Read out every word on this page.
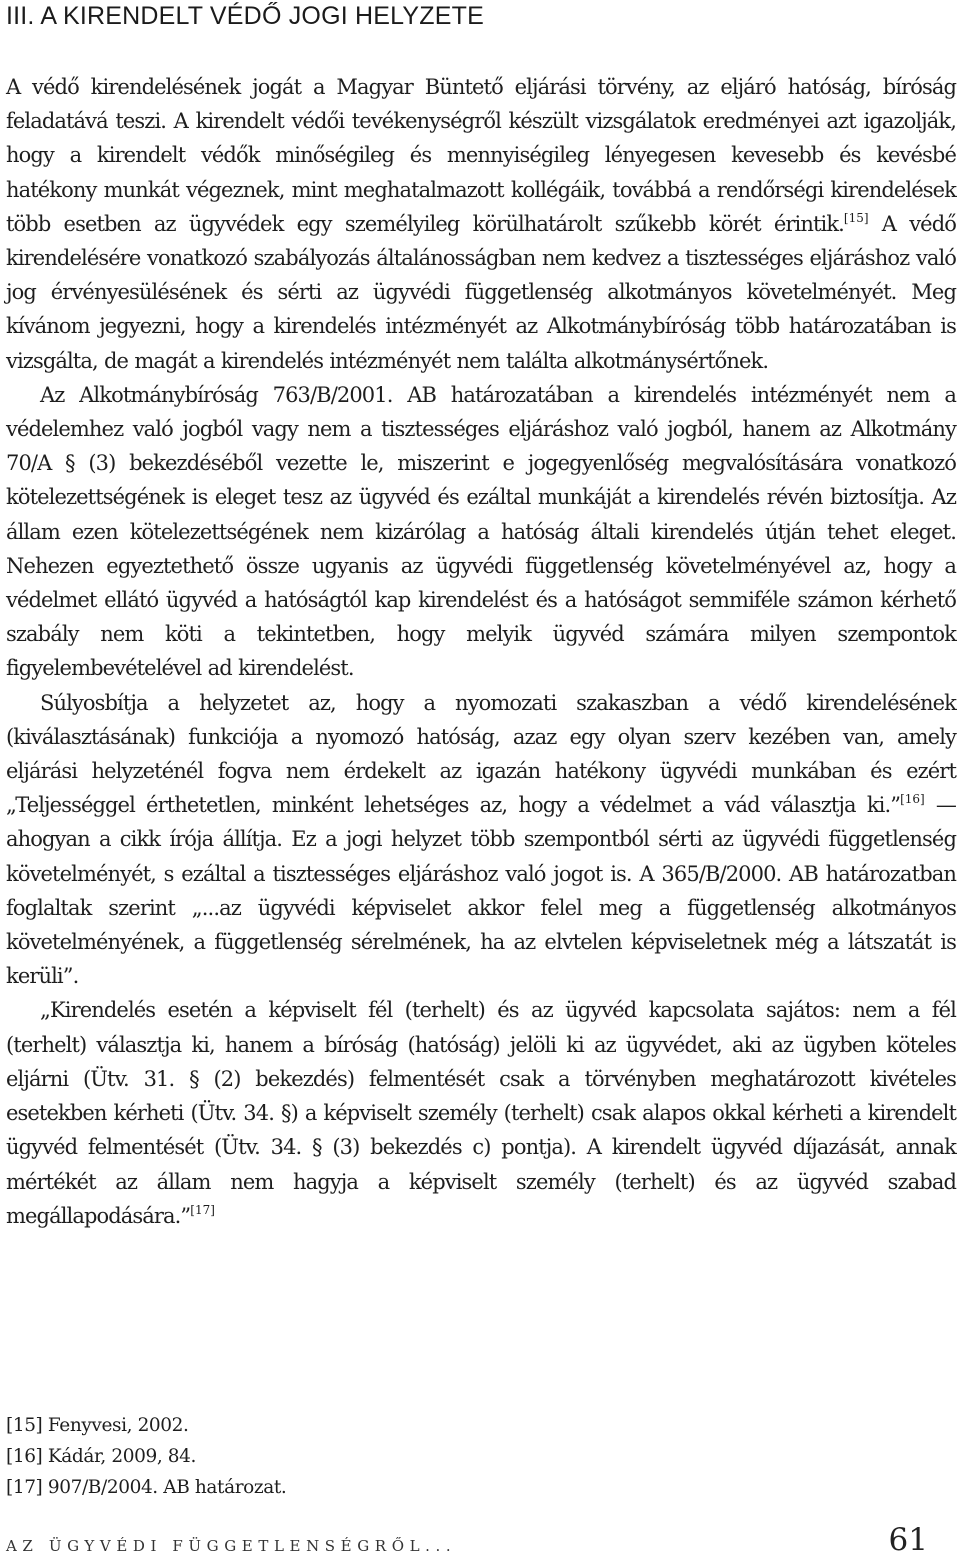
III. A KIRENDELT VÉDŐ JOGI HELYZETE

A védő kirendelésének jogát a Magyar Büntető eljárási törvény, az eljáró hatóság, bíróság feladatává teszi. A kirendelt védői tevékenységről készült vizsgálatok eredményei azt igazolják, hogy a kirendelt védők minőségileg és mennyiségileg lényegesen kevesebb és kevésbé hatékony munkát végeznek, mint meghatalmazott kollégáik, továbbá a rendőrségi kirendelések több esetben az ügyvédek egy személyileg körülhatárolt szűkebb körét érintik.[15] A védő kirendelésére vonatkozó szabályozás általánosságban nem kedvez a tisztességes eljáráshoz való jog érvényesülésének és sérti az ügyvédi függetlenség alkotmányos követelményét. Meg kívánom jegyezni, hogy a kirendelés intézményét az Alkotmánybíróság több határozatában is vizsgálta, de magát a kirendelés intézményét nem találta alkotmánysértőnek.

Az Alkotmánybíróság 763/B/2001. AB határozatában a kirendelés intézményét nem a védelemhez való jogból vagy nem a tisztességes eljáráshoz való jogból, hanem az Alkotmány 70/A § (3) bekezdéséből vezette le, miszerint e jogegyenlőség megvalósítására vonatkozó kötelezettségének is eleget tesz az ügyvéd és ezáltal munkáját a kirendelés révén biztosítja. Az állam ezen kötelezettségének nem kizárólag a hatóság általi kirendelés útján tehet eleget. Nehezen egyeztethető össze ugyanis az ügyvédi függetlenség követelményével az, hogy a védelmet ellátó ügyvéd a hatóságtól kap kirendelést és a hatóságot semmiféle számon kérhető szabály nem köti a tekintetben, hogy melyik ügyvéd számára milyen szempontok figyelembevételével ad kirendelést.

Súlyosbítja a helyzetet az, hogy a nyomozati szakaszban a védő kirendelésének (kiválasztásának) funkciója a nyomozó hatóság, azaz egy olyan szerv kezében van, amely eljárási helyzeténél fogva nem érdekelt az igazán hatékony ügyvédi munkában és ezért „Teljességgel érthetetlen, minként lehetséges az, hogy a védelmet a vád választja ki.”[16] — ahogyan a cikk írója állítja. Ez a jogi helyzet több szempontból sérti az ügyvédi függetlenség követelményét, s ezáltal a tisztességes eljáráshoz való jogot is. A 365/B/2000. AB határozatban foglaltak szerint „...az ügyvédi képviselet akkor felel meg a függetlenség alkotmányos követelményének, a függetlenség sérelmének, ha az elvtelen képviseletnek még a látszatát is kerüli”.

„Kirendelés esetén a képviselt fél (terhelt) és az ügyvéd kapcsolata sajátos: nem a fél (terhelt) választja ki, hanem a bíróság (hatóság) jelöli ki az ügyvédet, aki az ügyben köteles eljárni (Ütv. 31. § (2) bekezdés) felmentését csak a törvényben meghatározott kivételes esetekben kérheti (Ütv. 34. §) a képviselt személy (terhelt) csak alapos okkal kérheti a kirendelt ügyvéd felmentését (Ütv. 34. § (3) bekezdés c) pontja). A kirendelt ügyvéd díjazását, annak mértékét az állam nem hagyja a képviselt személy (terhelt) és az ügyvéd szabad megállapodására.”[17]

[15] Fenyvesi, 2002.
[16] Kádár, 2009, 84.
[17] 907/B/2004. AB határozat.
AZ ÜGYVÉDI FÜGGETLENSÉGRŐL...	61
